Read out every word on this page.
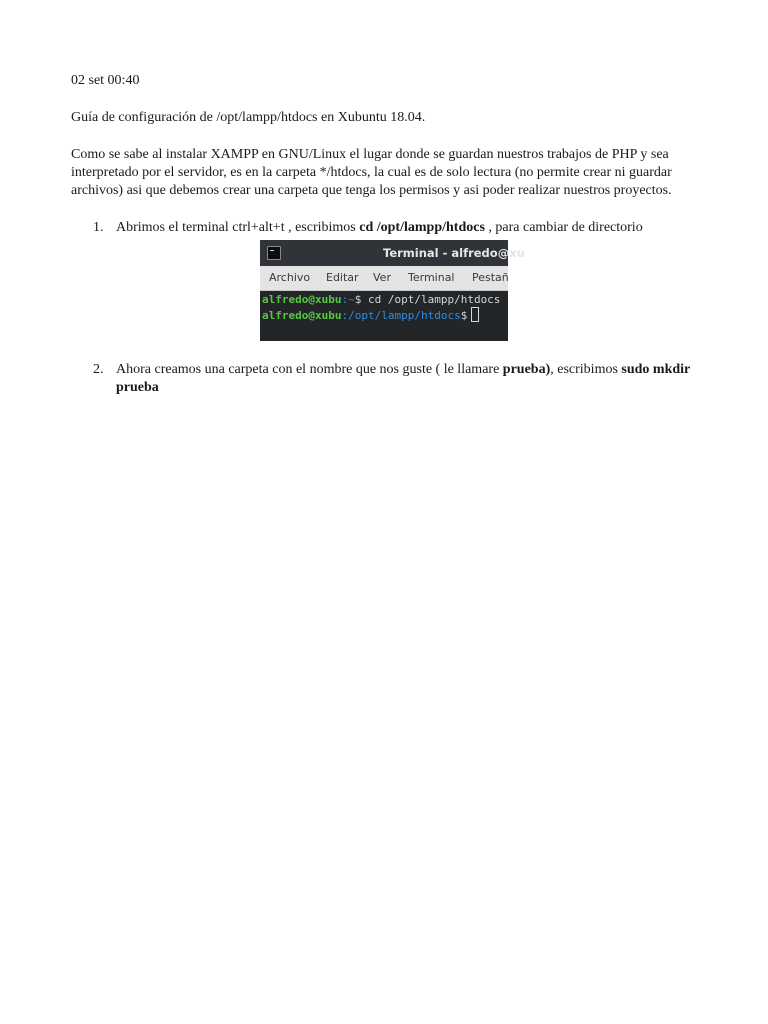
02 set 00:40

Guía de configuración de /opt/lampp/htdocs en Xubuntu 18.04.

Como se sabe al instalar XAMPP en GNU/Linux el lugar donde se guardan nuestros trabajos de PHP y sea interpretado por el servidor, es en la carpeta */htdocs, la cual es de solo lectura (no permite crear ni guardar archivos) asi que debemos crear una carpeta que tenga los permisos y asi poder realizar nuestros proyectos.

1. Abrimos el terminal ctrl+alt+t , escribimos cd /opt/lampp/htdocs , para cambiar de directorio
Terminal - alfredo@xu
Archivo Editar Ver Terminal Pestañ
alfredo@xubu:~$ cd /opt/lampp/htdocs
alfredo@xubu:/opt/lampp/htdocs$
2. Ahora creamos una carpeta con el nombre que nos guste ( le llamare prueba), escribimos sudo mkdir prueba
